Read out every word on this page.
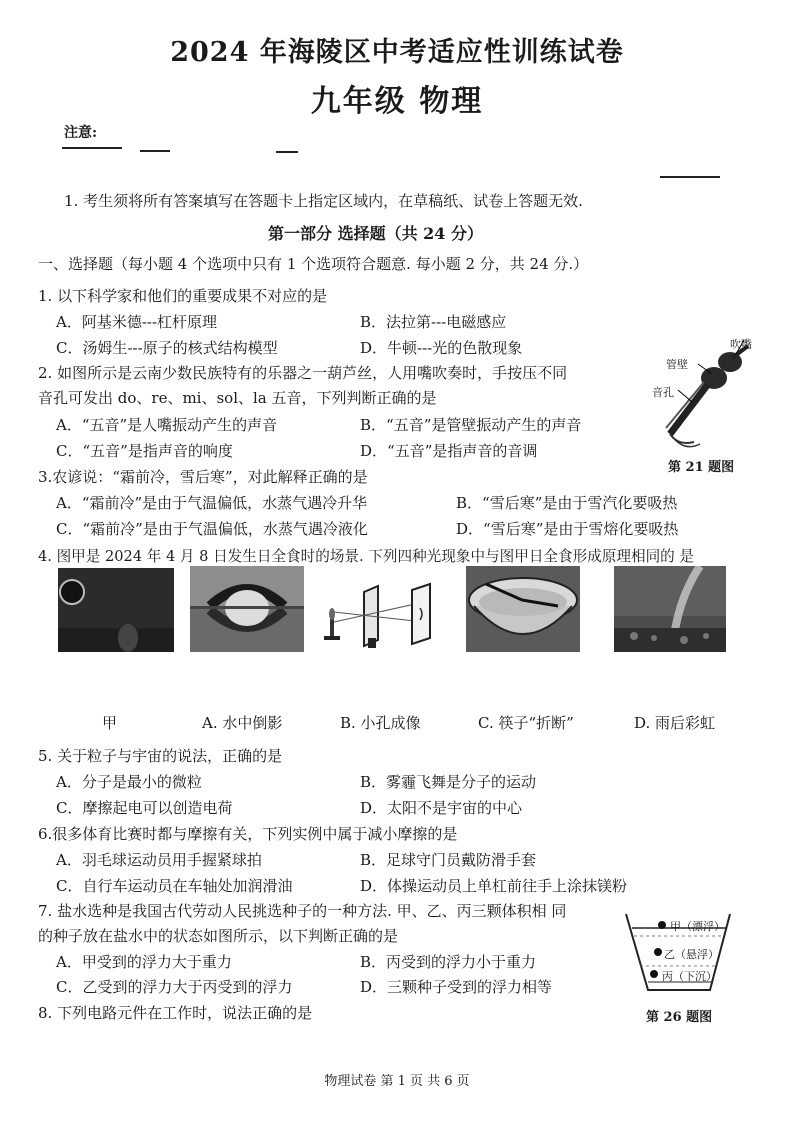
2024 年海陵区中考适应性训练试卷
九年级 物理
注意:
1. 考生须将所有答案填写在答题卡上指定区域内，在草稿纸、试卷上答题无效.
第一部分 选择题（共 24 分）
一、选择题（每小题 4 个选项中只有 1 个选项符合题意. 每小题 2 分，共 24 分.）
1. 以下科学家和他们的重要成果不对应的是
A．阿基米德---杠杆原理	B．法拉第---电磁感应
C．汤姆生---原子的核式结构模型	D．牛顿---光的色散现象
2. 如图所示是云南少数民族特有的乐器之一葫芦丝，人用嘴吹奏时，手按压不同
音孔可发出 do、re、mi、sol、la 五音，下列判断正确的是
A．“五音”是人嘴振动产生的声音	B．“五音”是管壁振动产生的声音
C．“五音”是指声音的响度	D．“五音”是指声音的音调
吹嘴
管壁
音孔
第 21 题图
3.农谚说：“霜前冷，雪后寒”，对此解释正确的是
A．“霜前冷”是由于气温偏低，水蒸气遇冷升华	B．“雪后寒”是由于雪汽化要吸热
C．“霜前冷”是由于气温偏低，水蒸气遇冷液化	D．“雪后寒”是由于雪熔化要吸热
4. 图甲是 2024 年 4 月 8 日发生日全食时的场景. 下列四种光现象中与图甲日全食形成原理相同的 是
甲	A. 水中倒影	B. 小孔成像	C. 筷子“折断”	D. 雨后彩虹
5. 关于粒子与宇宙的说法，正确的是
A．分子是最小的微粒	B．雾霾飞舞是分子的运动
C．摩擦起电可以创造电荷	D．太阳不是宇宙的中心
6.很多体育比赛时都与摩擦有关，下列实例中属于减小摩擦的是
A．羽毛球运动员用手握紧球拍	B．足球守门员戴防滑手套
C．自行车运动员在车轴处加润滑油	D．体操运动员上单杠前往手上涂抹镁粉
7. 盐水选种是我国古代劳动人民挑选种子的一种方法. 甲、乙、丙三颗体积相 同
的种子放在盐水中的状态如图所示，以下判断正确的是
A．甲受到的浮力大于重力	B．丙受到的浮力小于重力
C．乙受到的浮力大于丙受到的浮力	D．三颗种子受到的浮力相等
甲（漂浮）
乙（悬浮）
丙（下沉）
第 26 题图
8. 下列电路元件在工作时，说法正确的是
物理试卷 第 1 页 共 6 页
